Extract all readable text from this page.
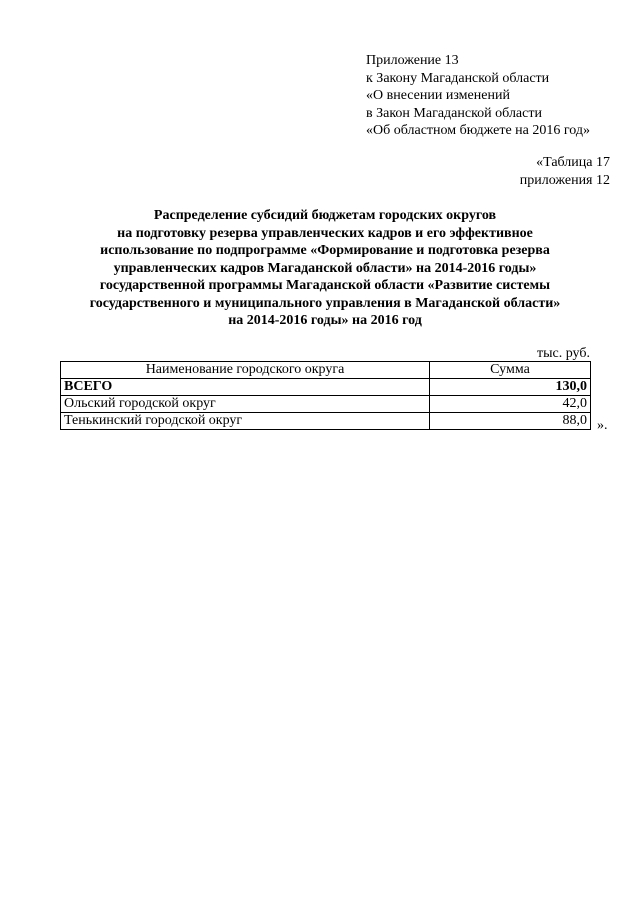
Приложение 13
к Закону Магаданской области
«О внесении изменений
в Закон Магаданской области
«Об областном бюджете на 2016 год»
«Таблица 17
приложения 12
Распределение субсидий бюджетам городских округов
на подготовку резерва управленческих кадров и его эффективное
использование по подпрограмме «Формирование и подготовка резерва
управленческих кадров Магаданской области» на 2014-2016 годы»
государственной программы Магаданской области «Развитие системы
государственного и муниципального управления в Магаданской области»
на 2014-2016 годы» на 2016 год
тыс. руб.
Наименование городского округа	Сумма
ВСЕГО	130,0
Ольский городской округ	42,0
Тенькинский городской округ	88,0 ».
